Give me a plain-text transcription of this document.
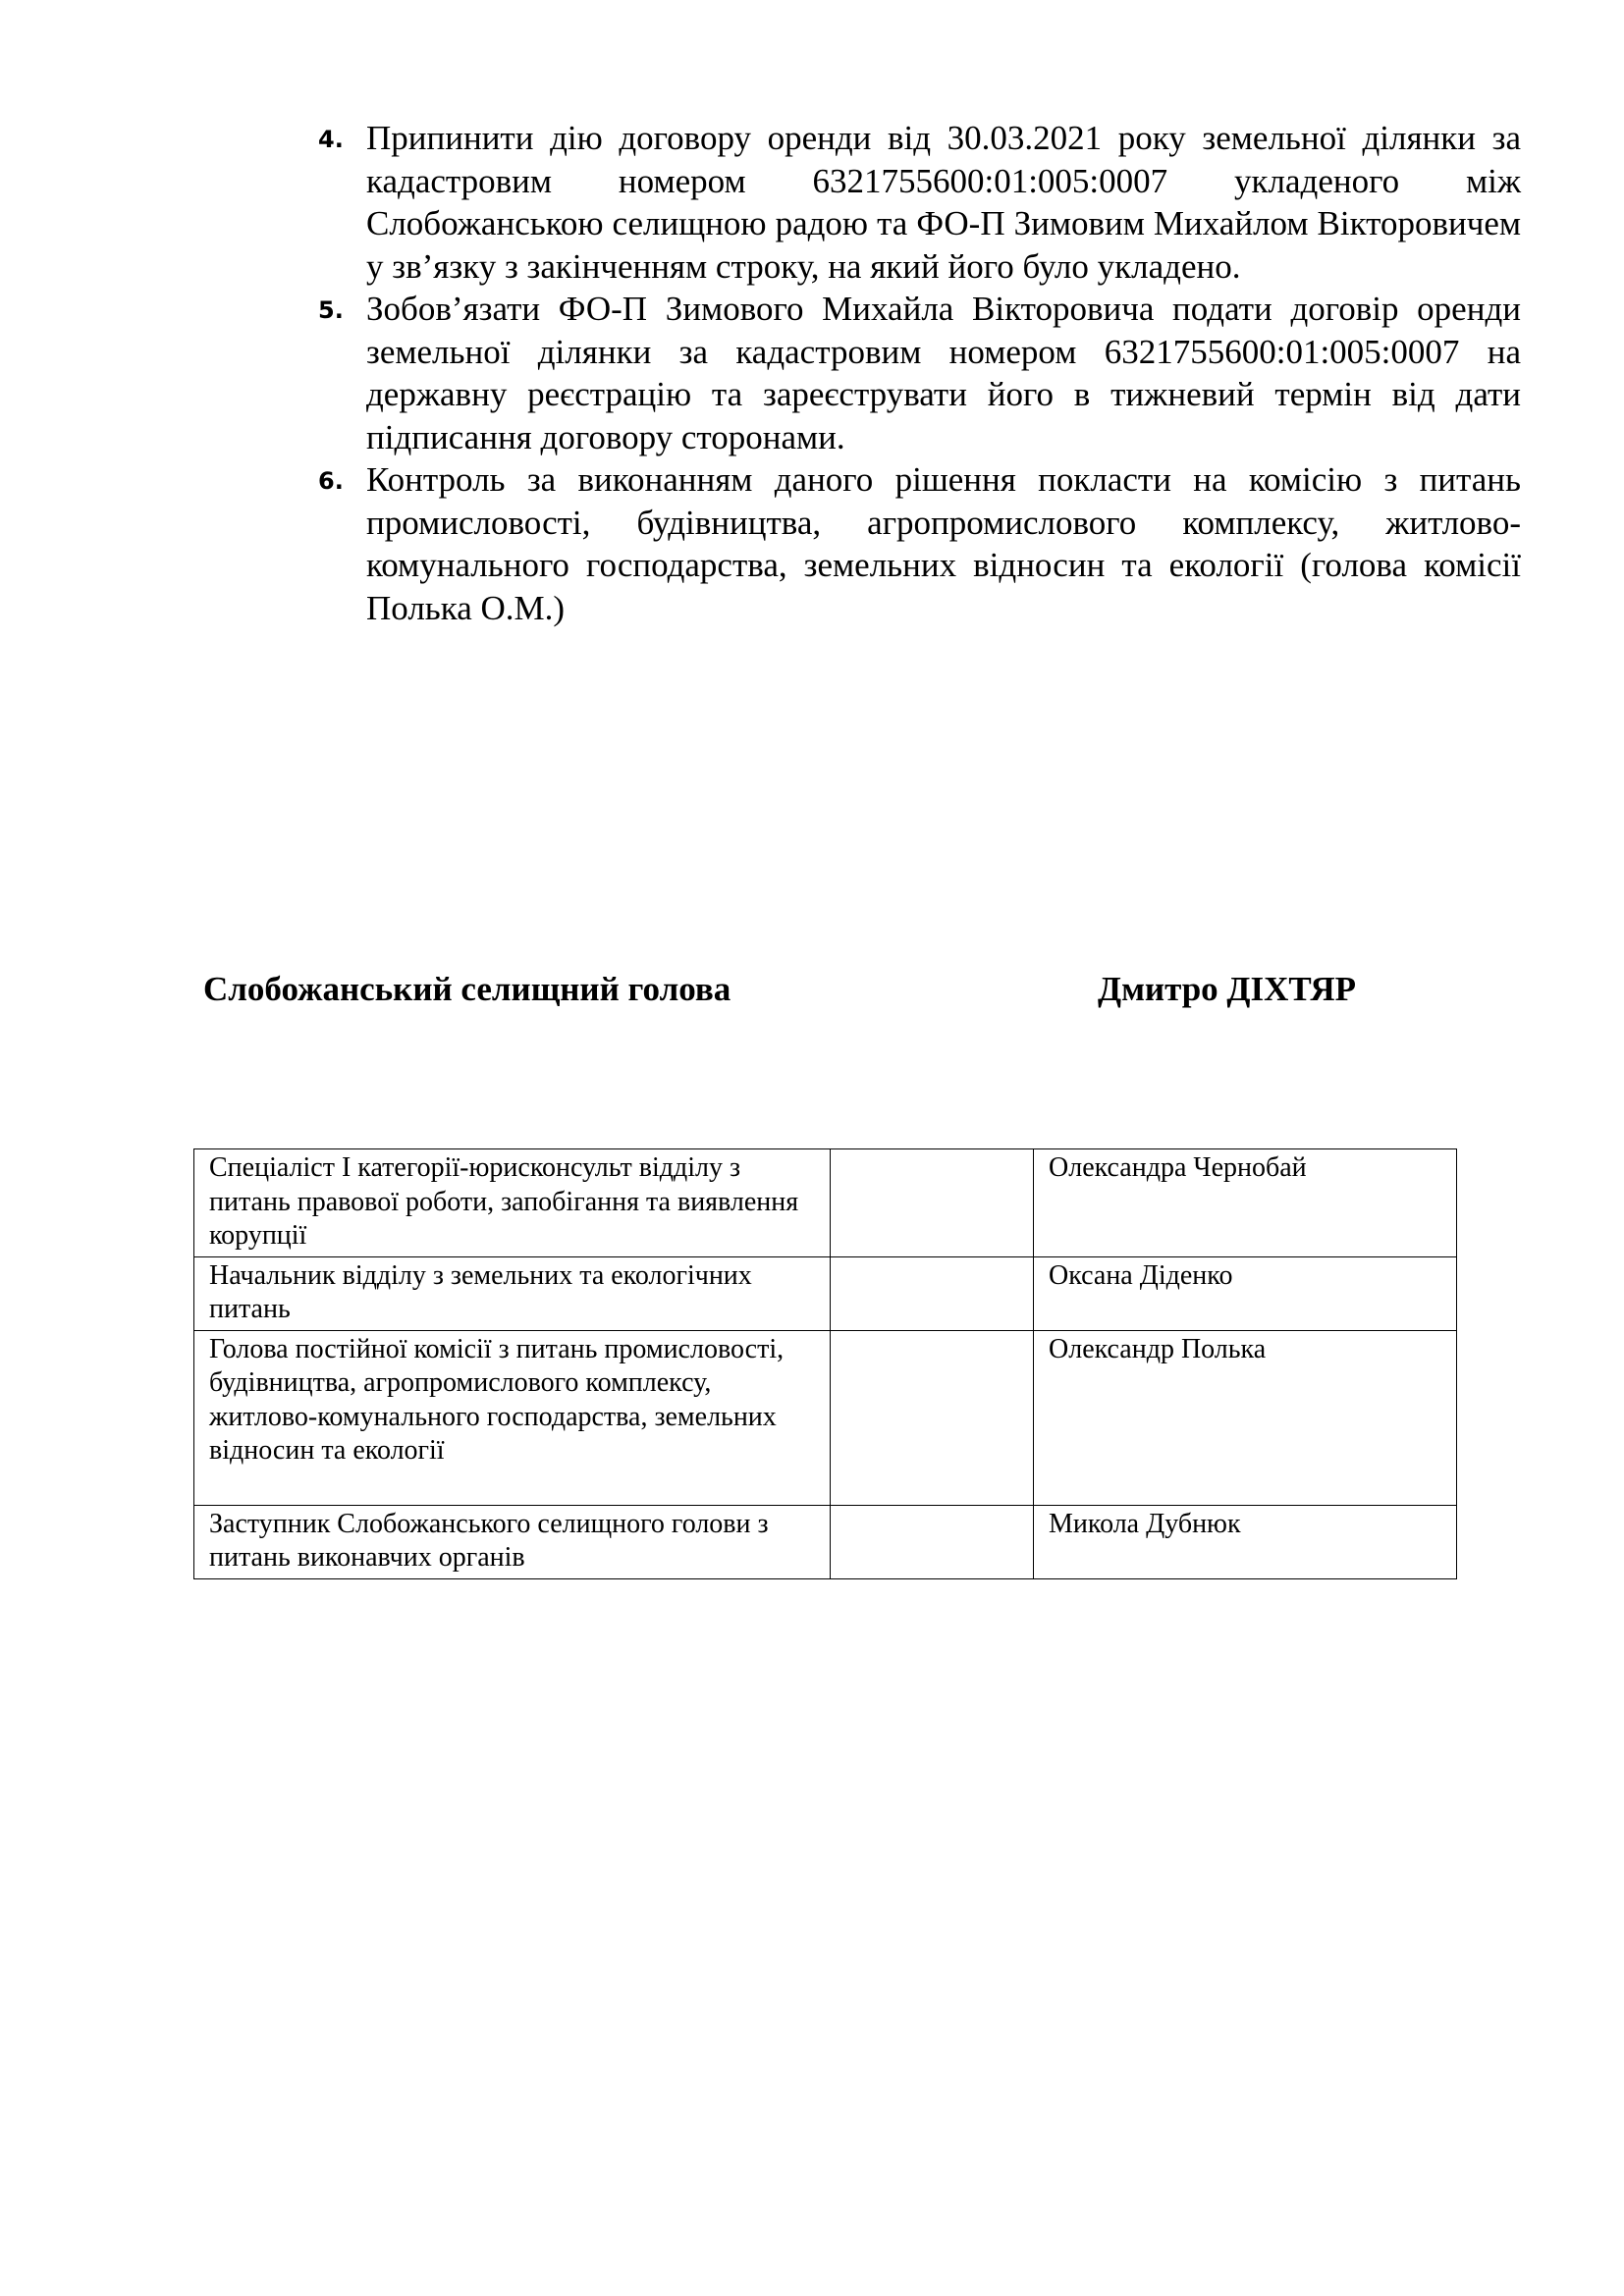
4. Припинити дію договору оренди від 30.03.2021 року земельної ділянки за кадастровим номером 6321755600:01:005:0007 укладеного між Слобожанською селищною радою та ФО-П Зимовим Михайлом Вікторовичем у зв’язку з закінченням строку, на який його було укладено.
5. Зобов’язати ФО-П Зимового Михайла Вікторовича подати договір оренди земельної ділянки за кадастровим номером 6321755600:01:005:0007 на державну реєстрацію та зареєструвати його в тижневий термін від дати підписання договору сторонами.
6. Контроль за виконанням даного рішення покласти на комісію з питань промисловості, будівництва, агропромислового комплексу, житлово-комунального господарства, земельних відносин та екології (голова комісії Полька О.М.)
Слобожанський селищний голова	Дмитро ДІХТЯР
Спеціаліст І категорії-юрисконсульт відділу з питань правової роботи, запобігання та виявлення корупції		Олександра Чернобай
Начальник відділу з земельних та екологічних питань		Оксана Діденко
Голова постійної комісії з питань промисловості, будівництва, агропромислового комплексу, житлово-комунального господарства, земельних відносин та екології		Олександр Полька
Заступник Слобожанського селищного голови з питань виконавчих органів		Микола Дубнюк
